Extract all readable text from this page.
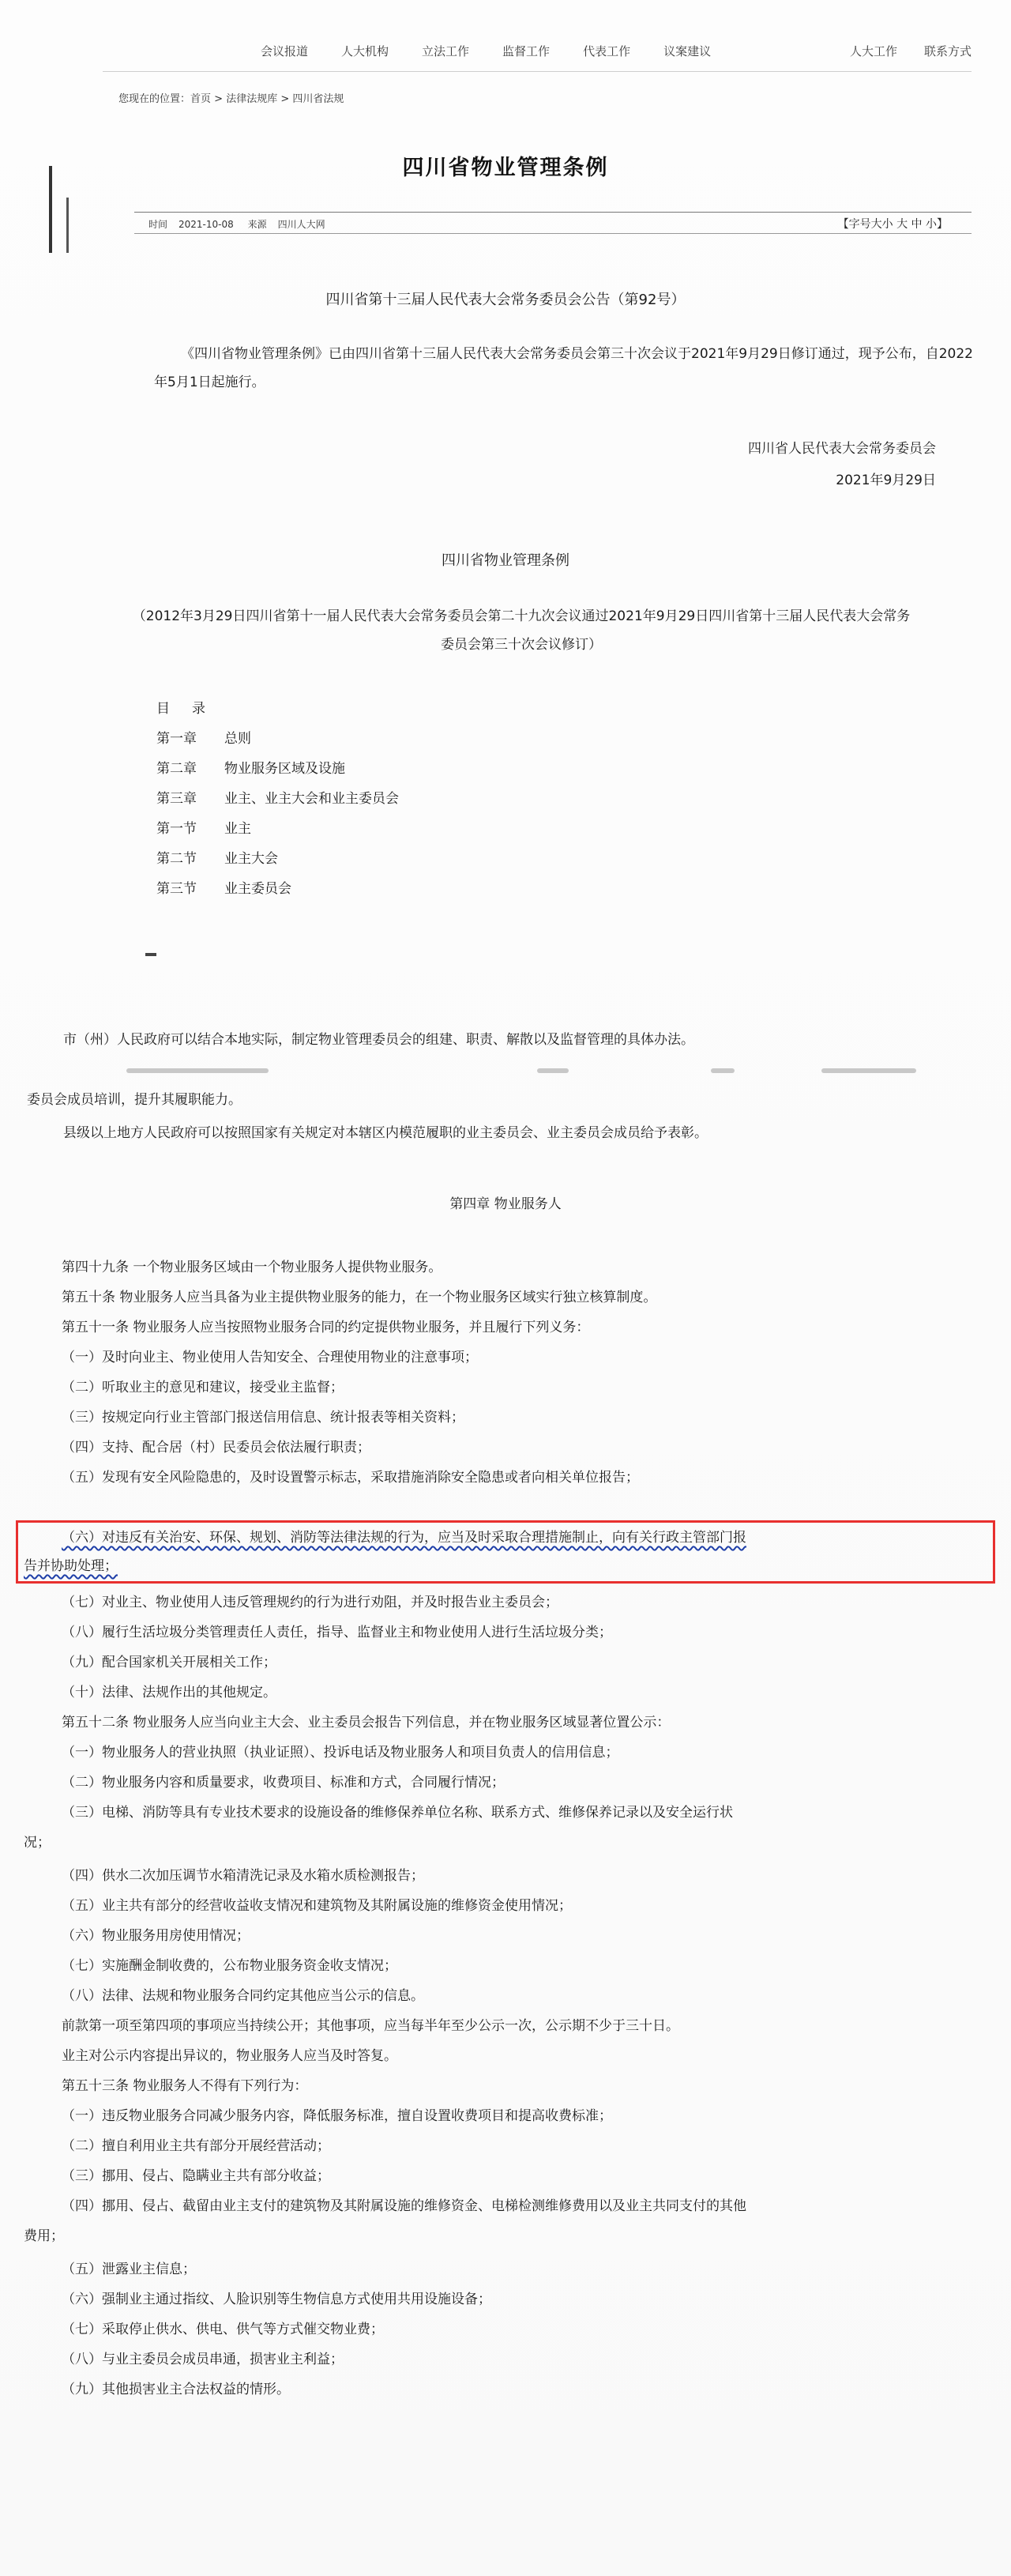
会议报道	人大机构	立法工作	监督工作	代表工作	议案建议	人大工作 联系方式
您现在的位置：首页 > 法律法规库 > 四川省法规
四川省物业管理条例
时间 2021-10-08 来源 四川人大网	【字号大小 大 中 小】
四川省第十三届人民代表大会常务委员会公告（第92号）
《四川省物业管理条例》已由四川省第十三届人民代表大会常务委员会第三十次会议于2021年9月29日修订通过，现予公布，自2022年5月1日起施行。
四川省人民代表大会常务委员会
2021年9月29日
四川省物业管理条例
（2012年3月29日四川省第十一届人民代表大会常务委员会第二十九次会议通过2021年9月29日四川省第十三届人民代表大会常务委员会第三十次会议修订）
目录
第一章 总则
第二章 物业服务区域及设施
第三章 业主、业主大会和业主委员会
第一节 业主
第二节 业主大会
第三节 业主委员会
市（州）人民政府可以结合本地实际，制定物业管理委员会的组建、职责、解散以及监督管理的具体办法。
委员会成员培训，提升其履职能力。
县级以上地方人民政府可以按照国家有关规定对本辖区内模范履职的业主委员会、业主委员会成员给予表彰。
第四章 物业服务人
第四十九条 一个物业服务区域由一个物业服务人提供物业服务。
第五十条 物业服务人应当具备为业主提供物业服务的能力，在一个物业服务区域实行独立核算制度。
第五十一条 物业服务人应当按照物业服务合同的约定提供物业服务，并且履行下列义务：
（一）及时向业主、物业使用人告知安全、合理使用物业的注意事项；
（二）听取业主的意见和建议，接受业主监督；
（三）按规定向行业主管部门报送信用信息、统计报表等相关资料；
（四）支持、配合居（村）民委员会依法履行职责；
（五）发现有安全风险隐患的，及时设置警示标志，采取措施消除安全隐患或者向相关单位报告；
（六）对违反有关治安、环保、规划、消防等法律法规的行为，应当及时采取合理措施制止，向有关行政主管部门报
告并协助处理；
（七）对业主、物业使用人违反管理规约的行为进行劝阻，并及时报告业主委员会；
（八）履行生活垃圾分类管理责任人责任，指导、监督业主和物业使用人进行生活垃圾分类；
（九）配合国家机关开展相关工作；
（十）法律、法规作出的其他规定。
第五十二条 物业服务人应当向业主大会、业主委员会报告下列信息，并在物业服务区域显著位置公示：
（一）物业服务人的营业执照（执业证照）、投诉电话及物业服务人和项目负责人的信用信息；
（二）物业服务内容和质量要求，收费项目、标准和方式，合同履行情况；
（三）电梯、消防等具有专业技术要求的设施设备的维修保养单位名称、联系方式、维修保养记录以及安全运行状
况；
（四）供水二次加压调节水箱清洗记录及水箱水质检测报告；
（五）业主共有部分的经营收益收支情况和建筑物及其附属设施的维修资金使用情况；
（六）物业服务用房使用情况；
（七）实施酬金制收费的，公布物业服务资金收支情况；
（八）法律、法规和物业服务合同约定其他应当公示的信息。
前款第一项至第四项的事项应当持续公开；其他事项，应当每半年至少公示一次，公示期不少于三十日。
业主对公示内容提出异议的，物业服务人应当及时答复。
第五十三条 物业服务人不得有下列行为：
（一）违反物业服务合同减少服务内容，降低服务标准，擅自设置收费项目和提高收费标准；
（二）擅自利用业主共有部分开展经营活动；
（三）挪用、侵占、隐瞒业主共有部分收益；
（四）挪用、侵占、截留由业主支付的建筑物及其附属设施的维修资金、电梯检测维修费用以及业主共同支付的其他
费用；
（五）泄露业主信息；
（六）强制业主通过指纹、人脸识别等生物信息方式使用共用设施设备；
（七）采取停止供水、供电、供气等方式催交物业费；
（八）与业主委员会成员串通，损害业主利益；
（九）其他损害业主合法权益的情形。
